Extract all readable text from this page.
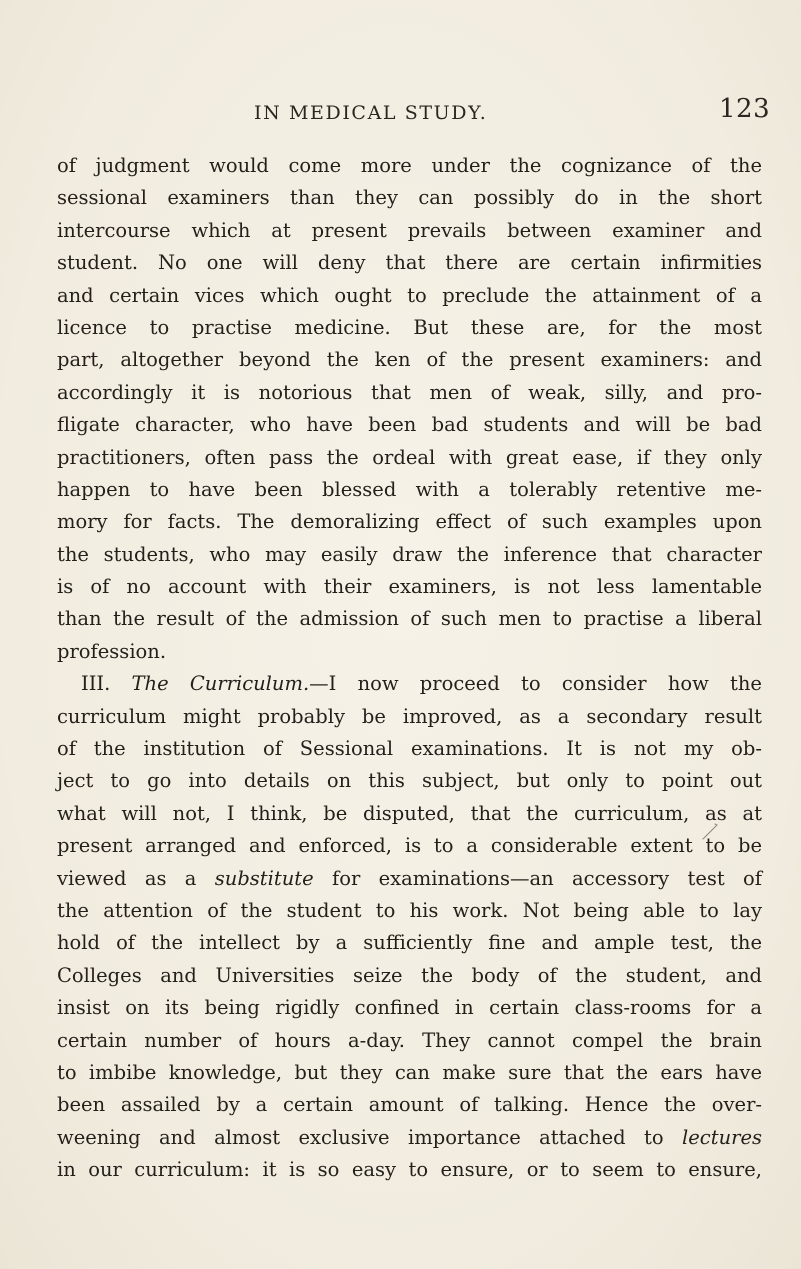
IN MEDICAL STUDY.	123
of judgment would come more under the cognizance of the
sessional examiners than they can possibly do in the short
intercourse which at present prevails between examiner and
student. No one will deny that there are certain infirmities
and certain vices which ought to preclude the attainment of a
licence to practise medicine. But these are, for the most
part, altogether beyond the ken of the present examiners: and
accordingly it is notorious that men of weak, silly, and pro-
fligate character, who have been bad students and will be bad
practitioners, often pass the ordeal with great ease, if they only
happen to have been blessed with a tolerably retentive me-
mory for facts. The demoralizing effect of such examples upon
the students, who may easily draw the inference that character
is of no account with their examiners, is not less lamentable
than the result of the admission of such men to practise a liberal
profession.
III. The Curriculum.—I now proceed to consider how the
curriculum might probably be improved, as a secondary result
of the institution of Sessional examinations. It is not my ob-
ject to go into details on this subject, but only to point out
what will not, I think, be disputed, that the curriculum, as at
present arranged and enforced, is to a considerable extent to be
viewed as a substitute for examinations—an accessory test of
the attention of the student to his work. Not being able to lay
hold of the intellect by a sufficiently fine and ample test, the
Colleges and Universities seize the body of the student, and
insist on its being rigidly confined in certain class-rooms for a
certain number of hours a-day. They cannot compel the brain
to imbibe knowledge, but they can make sure that the ears have
been assailed by a certain amount of talking. Hence the over-
weening and almost exclusive importance attached to lectures
in our curriculum: it is so easy to ensure, or to seem to ensure,
